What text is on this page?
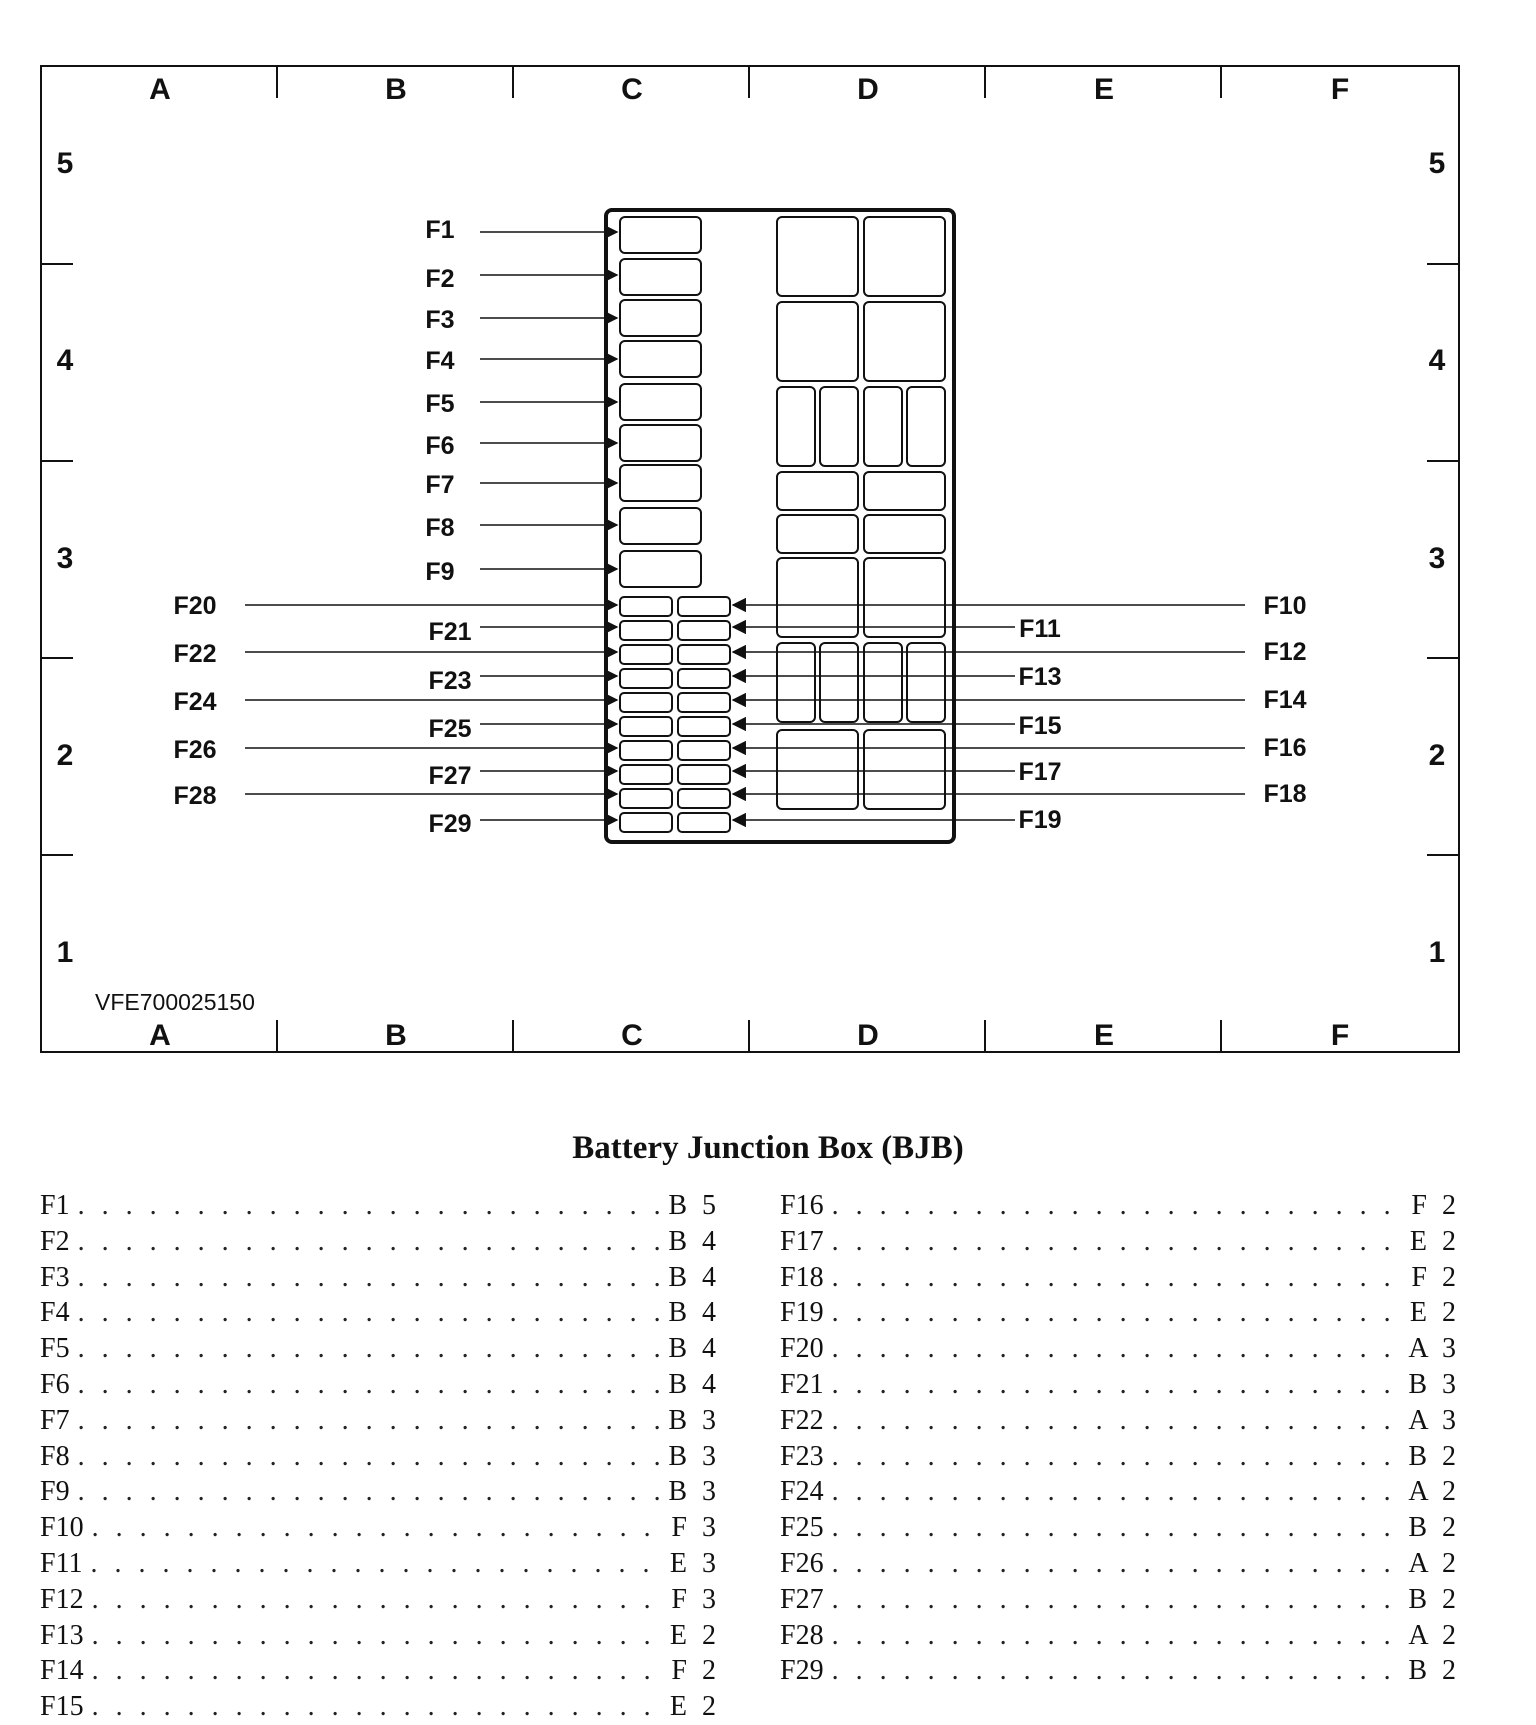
A	B	C	D	E	F
A	B	C	D	E	F
5
4
3
2
1
5
4
3
2
1
VFE700025150
F1
F2
F3
F4
F5
F6
F7
F8
F9
F20
F21
F22
F23
F24
F25
F26
F27
F28
F29
F10
F11
F12
F13
F14
F15
F16
F17
F18
F19
Battery Junction Box (BJB)
F1 . . .	B 5
F2 . . .	B 4
F3 . . .	B 4
F4 . . .	B 4
F5 . . .	B 4
F6 . . .	B 4
F7 . . .	B 3
F8 . . .	B 3
F9 . . .	B 3
F10 . . .	F 3
F11 . . .	E 3
F12 . . .	F 3
F13 . . .	E 2
F14 . . .	F 2
F15 . . .	E 2
F16 . . .	F 2
F17 . . .	E 2
F18 . . .	F 2
F19 . . .	E 2
F20 . . .	A 3
F21 . . .	B 3
F22 . . .	A 3
F23 . . .	B 2
F24 . . .	A 2
F25 . . .	B 2
F26 . . .	A 2
F27 . . .	B 2
F28 . . .	A 2
F29 . . .	B 2
